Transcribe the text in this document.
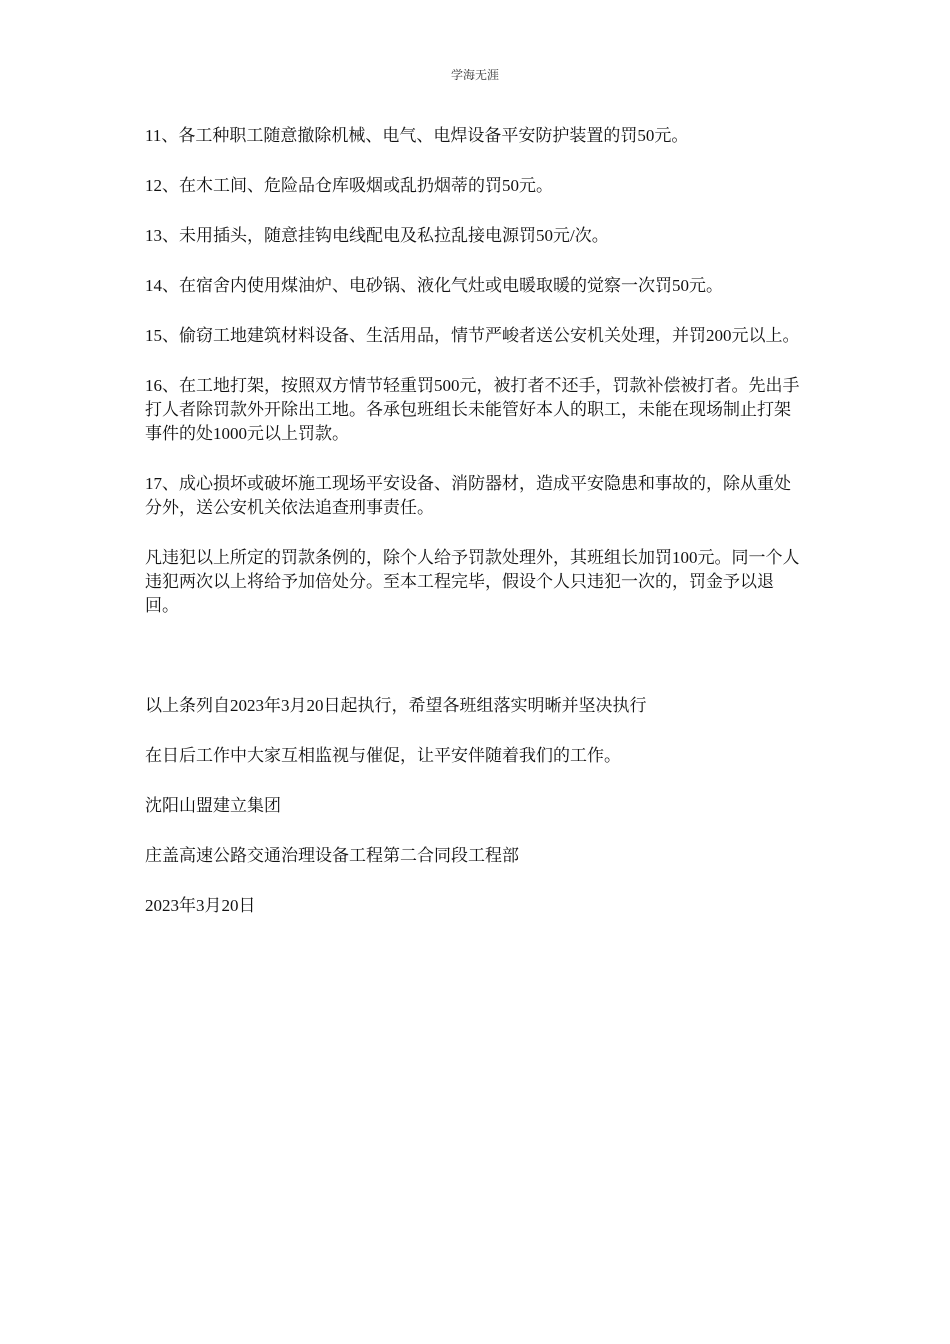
学海无涯

11、各工种职工随意撤除机械、电气、电焊设备平安防护装置的罚50元。

12、在木工间、危险品仓库吸烟或乱扔烟蒂的罚50元。

13、未用插头，随意挂钩电线配电及私拉乱接电源罚50元/次。

14、在宿舍内使用煤油炉、电砂锅、液化气灶或电暖取暖的觉察一次罚50元。

15、偷窃工地建筑材料设备、生活用品，情节严峻者送公安机关处理，并罚200元以上。

16、在工地打架，按照双方情节轻重罚500元，被打者不还手，罚款补偿被打者。先出手打人者除罚款外开除出工地。各承包班组长未能管好本人的职工，未能在现场制止打架事件的处1000元以上罚款。

17、成心损坏或破坏施工现场平安设备、消防器材，造成平安隐患和事故的，除从重处分外，送公安机关依法追查刑事责任。

凡违犯以上所定的罚款条例的，除个人给予罚款处理外，其班组长加罚100元。同一个人违犯两次以上将给予加倍处分。至本工程完毕，假设个人只违犯一次的，罚金予以退回。

以上条列自2023年3月20日起执行，希望各班组落实明晰并坚决执行

在日后工作中大家互相监视与催促，让平安伴随着我们的工作。

沈阳山盟建立集团

庄盖高速公路交通治理设备工程第二合同段工程部

2023年3月20日
